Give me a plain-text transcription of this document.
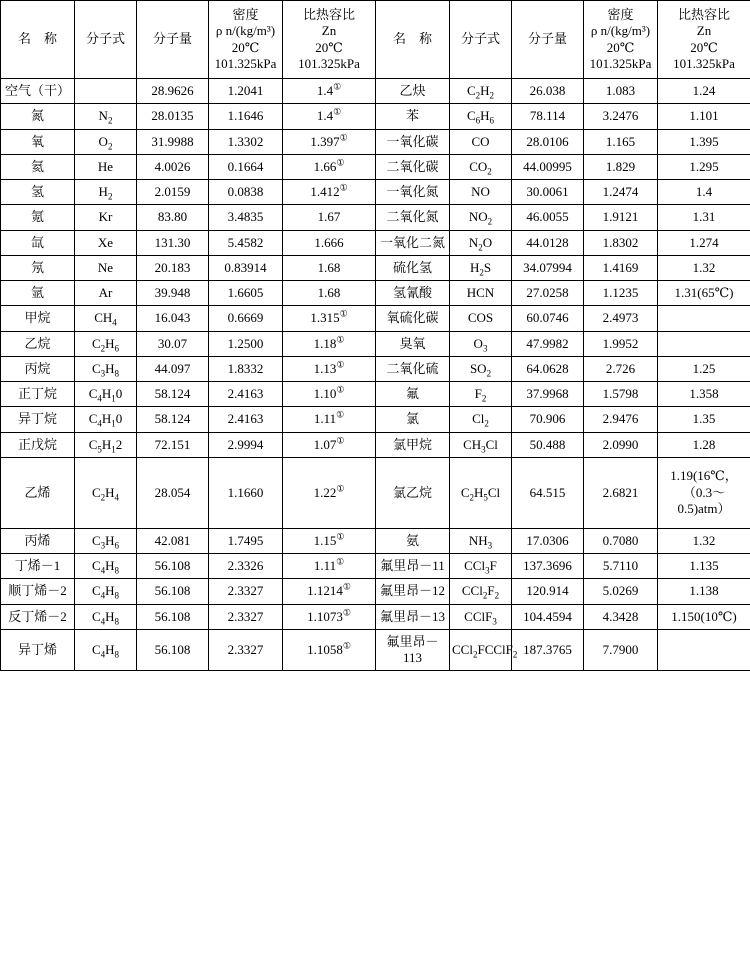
名　称	分子式	分子量	密度
ρ n/(kg/m³)
20℃
101.325kPa	比热容比
Zn
20℃
101.325kPa	名　称	分子式	分子量	密度
ρ n/(kg/m³)
20℃
101.325kPa	比热容比
Zn
20℃
101.325kPa

空气（干）		28.9626	1.2041	1.4①	乙炔	$C_2H_2$	26.038	1.083	1.24
氮	$N_2$	28.0135	1.1646	1.4①	苯	$C_6H_6$	78.114	3.2476	1.101
氧	$O_2$	31.9988	1.3302	1.397①	一氧化碳	CO	28.0106	1.165	1.395
氦	He	4.0026	0.1664	1.66①	二氧化碳	$CO_2$	44.00995	1.829	1.295
氢	$H_2$	2.0159	0.0838	1.412①	一氧化氮	NO	30.0061	1.2474	1.4
氪	Kr	83.80	3.4835	1.67	二氧化氮	$NO_2$	46.0055	1.9121	1.31
氙	Xe	131.30	5.4582	1.666	一氧化二氮	$N_2O$	44.0128	1.8302	1.274
氖	Ne	20.183	0.83914	1.68	硫化氢	$H_2S$	34.07994	1.4169	1.32
氩	Ar	39.948	1.6605	1.68	氢氰酸	HCN	27.0258	1.1235	1.31(65℃)
甲烷	$CH_4$	16.043	0.6669	1.315①	氧硫化碳	COS	60.0746	2.4973	
乙烷	$C_2H_6$	30.07	1.2500	1.18①	臭氧	$O_3$	47.9982	1.9952	
丙烷	$C_3H_8$	44.097	1.8332	1.13①	二氧化硫	$SO_2$	64.0628	2.726	1.25
正丁烷	$C_4H_10$	58.124	2.4163	1.10①	氟	$F_2$	37.9968	1.5798	1.358
异丁烷	$C_4H_10$	58.124	2.4163	1.11①	氯	$Cl_2$	70.906	2.9476	1.35
正戊烷	$C_5H_12$	72.151	2.9994	1.07①	氯甲烷	$CH_3Cl$	50.488	2.0990	1.28
乙烯	$C_2H_4$	28.054	1.1660	1.22①	氯乙烷	$C_2H_5Cl$	64.515	2.6821	1.19(16℃，
（0.3～
0.5)atm）
丙烯	$C_3H_6$	42.081	1.7495	1.15①	氨	$NH_3$	17.0306	0.7080	1.32
丁烯－1	$C_4H_8$	56.108	2.3326	1.11①	氟里昂－11	CCl$_3$F	137.3696	5.7110	1.135
顺丁烯－2	$C_4H_8$	56.108	2.3327	1.1214①	氟里昂－12	$CCl_2F_2$	120.914	5.0269	1.138
反丁烯－2	$C_4H_8$	56.108	2.3327	1.1073①	氟里昂－13	CClF$_3$	104.4594	4.3428	1.150(10℃)
异丁烯	$C_4H_8$	56.108	2.3327	1.1058①	氟里昂－113	CCl$_2$FCClF$_2$	187.3765	7.7900	
